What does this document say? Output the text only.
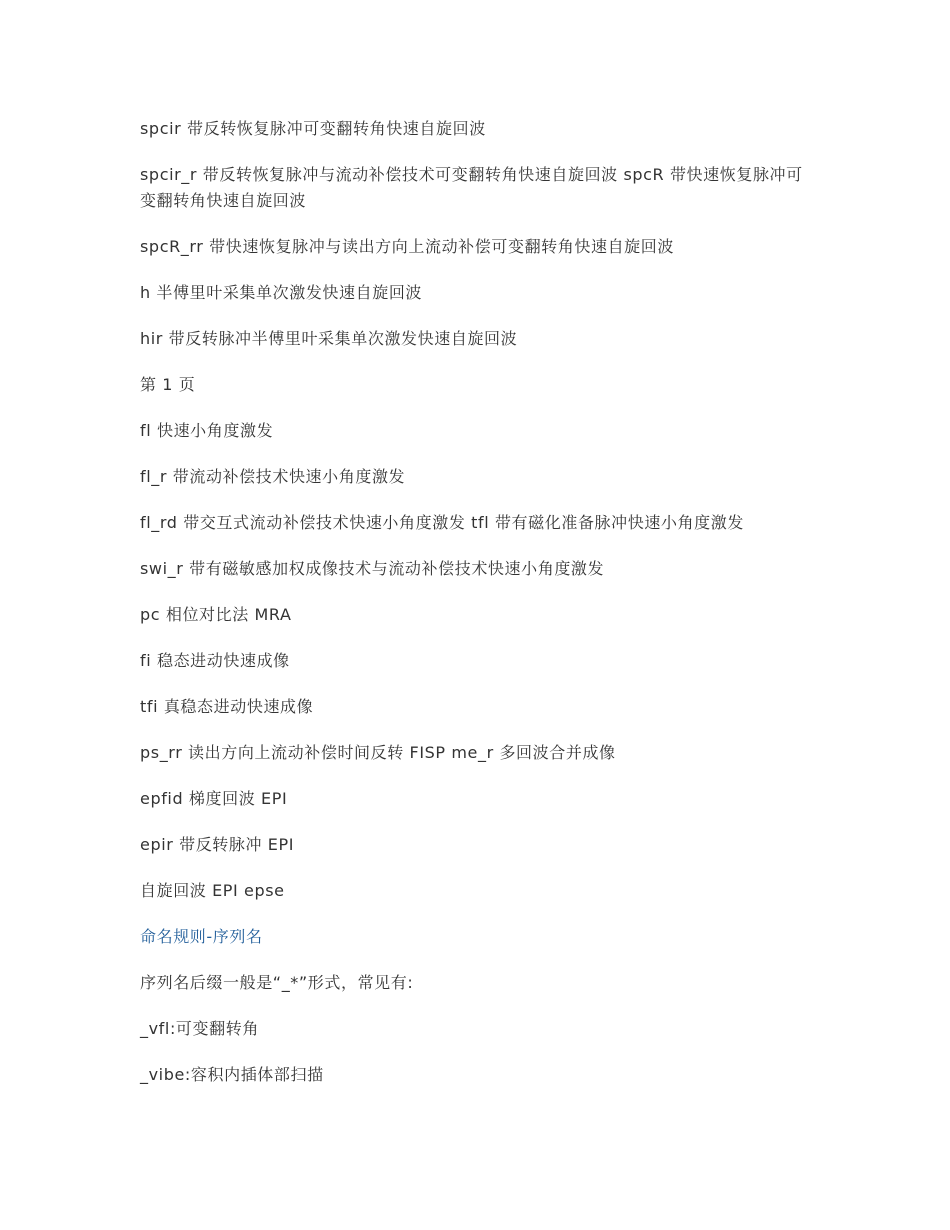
spcir 带反转恢复脉冲可变翻转角快速自旋回波

spcir_r 带反转恢复脉冲与流动补偿技术可变翻转角快速自旋回波 spcR 带快速恢复脉冲可变翻转角快速自旋回波

spcR_rr 带快速恢复脉冲与读出方向上流动补偿可变翻转角快速自旋回波

h 半傅里叶采集单次激发快速自旋回波

hir 带反转脉冲半傅里叶采集单次激发快速自旋回波

第 1 页

fl 快速小角度激发

fl_r 带流动补偿技术快速小角度激发

fl_rd 带交互式流动补偿技术快速小角度激发 tfl 带有磁化准备脉冲快速小角度激发

swi_r 带有磁敏感加权成像技术与流动补偿技术快速小角度激发

pc 相位对比法 MRA

fi 稳态进动快速成像

tfi 真稳态进动快速成像

ps_rr 读出方向上流动补偿时间反转 FISP me_r 多回波合并成像

epfid 梯度回波 EPI

epir 带反转脉冲 EPI

自旋回波 EPI epse

命名规则-序列名

序列名后缀一般是“_*”形式，常见有:

_vfl:可变翻转角

_vibe:容积内插体部扫描
